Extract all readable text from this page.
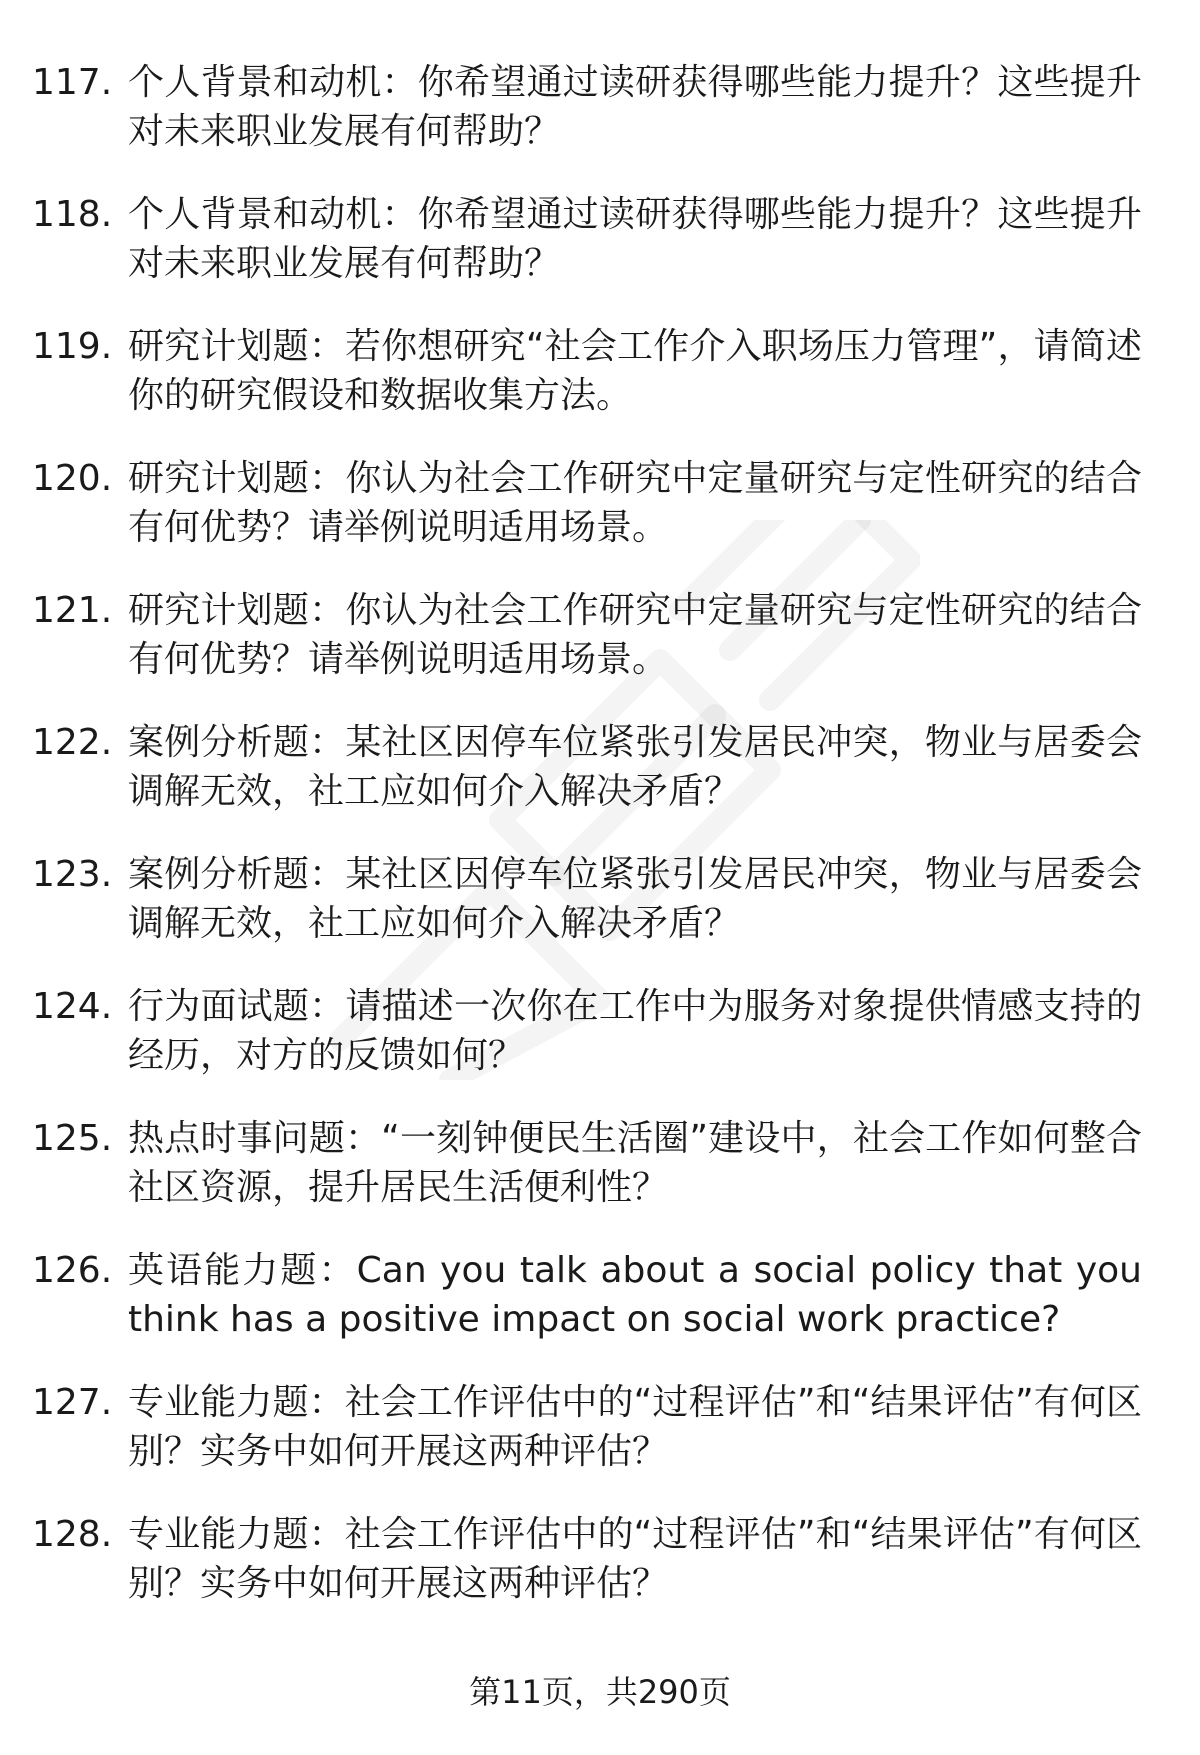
117. 个人背景和动机：你希望通过读研获得哪些能力提升？这些提升对未来职业发展有何帮助？
118. 个人背景和动机：你希望通过读研获得哪些能力提升？这些提升对未来职业发展有何帮助？
119. 研究计划题：若你想研究“社会工作介入职场压力管理”，请简述你的研究假设和数据收集方法。
120. 研究计划题：你认为社会工作研究中定量研究与定性研究的结合有何优势？请举例说明适用场景。
121. 研究计划题：你认为社会工作研究中定量研究与定性研究的结合有何优势？请举例说明适用场景。
122. 案例分析题：某社区因停车位紧张引发居民冲突，物业与居委会调解无效，社工应如何介入解决矛盾？
123. 案例分析题：某社区因停车位紧张引发居民冲突，物业与居委会调解无效，社工应如何介入解决矛盾？
124. 行为面试题：请描述一次你在工作中为服务对象提供情感支持的经历，对方的反馈如何？
125. 热点时事问题：“一刻钟便民生活圈”建设中，社会工作如何整合社区资源，提升居民生活便利性？
126. 英语能力题：Can you talk about a social policy that you think has a positive impact on social work practice?
127. 专业能力题：社会工作评估中的“过程评估”和“结果评估”有何区别？实务中如何开展这两种评估？
128. 专业能力题：社会工作评估中的“过程评估”和“结果评估”有何区别？实务中如何开展这两种评估？
第11页，共290页
